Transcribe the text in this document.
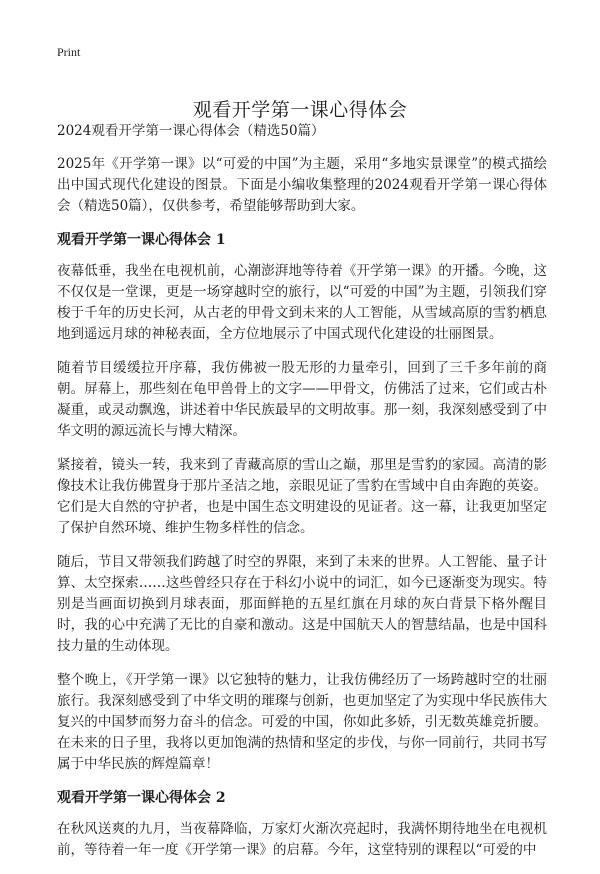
Print
观看开学第一课心得体会

2024观看开学第一课心得体会（精选50篇）

2025年《开学第一课》以“可爱的中国”为主题，采用“多地实景课堂”的模式描绘出中国式现代化建设的图景。下面是小编收集整理的2024观看开学第一课心得体会（精选50篇），仅供参考，希望能够帮助到大家。

观看开学第一课心得体会 1

夜幕低垂，我坐在电视机前，心潮澎湃地等待着《开学第一课》的开播。今晚，这不仅仅是一堂课，更是一场穿越时空的旅行，以“可爱的中国”为主题，引领我们穿梭于千年的历史长河，从古老的甲骨文到未来的人工智能，从雪域高原的雪豹栖息地到遥远月球的神秘表面，全方位地展示了中国式现代化建设的壮丽图景。

随着节目缓缓拉开序幕，我仿佛被一股无形的力量牵引，回到了三千多年前的商朝。屏幕上，那些刻在龟甲兽骨上的文字——甲骨文，仿佛活了过来，它们或古朴凝重，或灵动飘逸，讲述着中华民族最早的文明故事。那一刻，我深刻感受到了中华文明的源远流长与博大精深。

紧接着，镜头一转，我来到了青藏高原的雪山之巅，那里是雪豹的家园。高清的影像技术让我仿佛置身于那片圣洁之地，亲眼见证了雪豹在雪域中自由奔跑的英姿。它们是大自然的守护者，也是中国生态文明建设的见证者。这一幕，让我更加坚定了保护自然环境、维护生物多样性的信念。

随后，节目又带领我们跨越了时空的界限，来到了未来的世界。人工智能、量子计算、太空探索……这些曾经只存在于科幻小说中的词汇，如今已逐渐变为现实。特别是当画面切换到月球表面，那面鲜艳的五星红旗在月球的灰白背景下格外醒目时，我的心中充满了无比的自豪和激动。这是中国航天人的智慧结晶，也是中国科技力量的生动体现。

整个晚上，《开学第一课》以它独特的魅力，让我仿佛经历了一场跨越时空的壮丽旅行。我深刻感受到了中华文明的璀璨与创新，也更加坚定了为实现中华民族伟大复兴的中国梦而努力奋斗的信念。可爱的中国，你如此多娇，引无数英雄竞折腰。在未来的日子里，我将以更加饱满的热情和坚定的步伐，与你一同前行，共同书写属于中华民族的辉煌篇章！

观看开学第一课心得体会 2

在秋风送爽的九月，当夜幕降临，万家灯火渐次亮起时，我满怀期待地坐在电视机前，等待着一年一度《开学第一课》的启幕。今年，这堂特别的课程以“可爱的中
